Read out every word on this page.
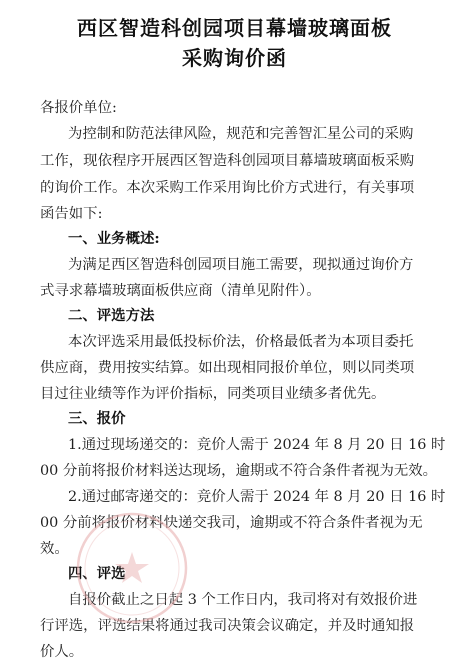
西区智造科创园项目幕墙玻璃面板
采购询价函
各报价单位:
为控制和防范法律风险，规范和完善智汇星公司的采购
工作，现依程序开展西区智造科创园项目幕墙玻璃面板采购
的询价工作。本次采购工作采用询比价方式进行，有关事项
函告如下:
一、业务概述:
为满足西区智造科创园项目施工需要，现拟通过询价方
式寻求幕墙玻璃面板供应商（清单见附件）。
二、评选方法
本次评选采用最低投标价法，价格最低者为本项目委托
供应商，费用按实结算。如出现相同报价单位，则以同类项
目过往业绩等作为评价指标，同类项目业绩多者优先。
三、报价
1.通过现场递交的：竞价人需于 2024 年 8 月 20 日 16 时
00 分前将报价材料送达现场，逾期或不符合条件者视为无效。
2.通过邮寄递交的：竞价人需于 2024 年 8 月 20 日 16 时
00 分前将报价材料快递交我司，逾期或不符合条件者视为无
效。
四、评选
自报价截止之日起 3 个工作日内，我司将对有效报价进
行评选，评选结果将通过我司决策会议确定，并及时通知报
价人。
